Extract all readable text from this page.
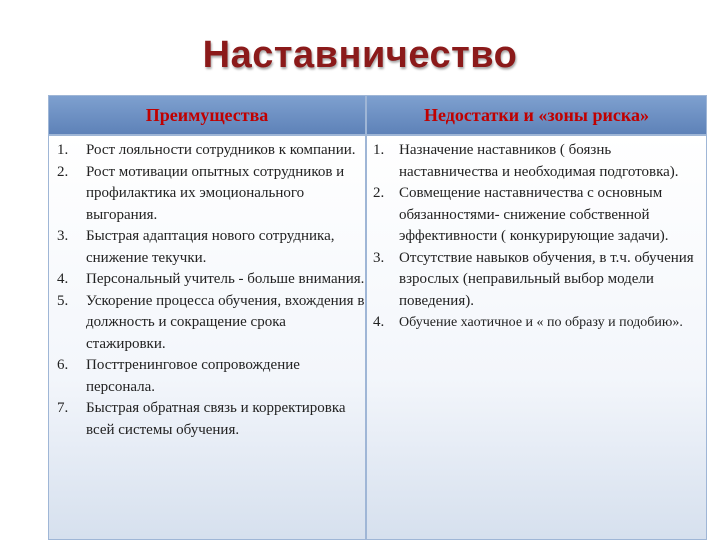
Наставничество
Преимущества	Недостатки и «зоны риска»
1.	Рост лояльности сотрудников к компании.
2.	Рост мотивации опытных сотрудников и профилактика их эмоционального выгорания.
3.	Быстрая адаптация нового сотрудника, снижение текучки.
4.	Персональный учитель - больше внимания.
5.	Ускорение процесса обучения, вхождения в должность и сокращение срока стажировки.
6.	Посттренинговое сопровождение персонала.
7.	Быстрая обратная связь и корректировка всей системы обучения.
1. Назначение наставников ( боязнь наставничества и необходимая подготовка).
2. Совмещение наставничества с основным обязанностями- снижение собственной эффективности ( конкурирующие задачи).
3. Отсутствие навыков обучения, в т.ч. обучения взрослых (неправильный выбор модели поведения).
4.	Обучение хаотичное и « по образу и подобию».
